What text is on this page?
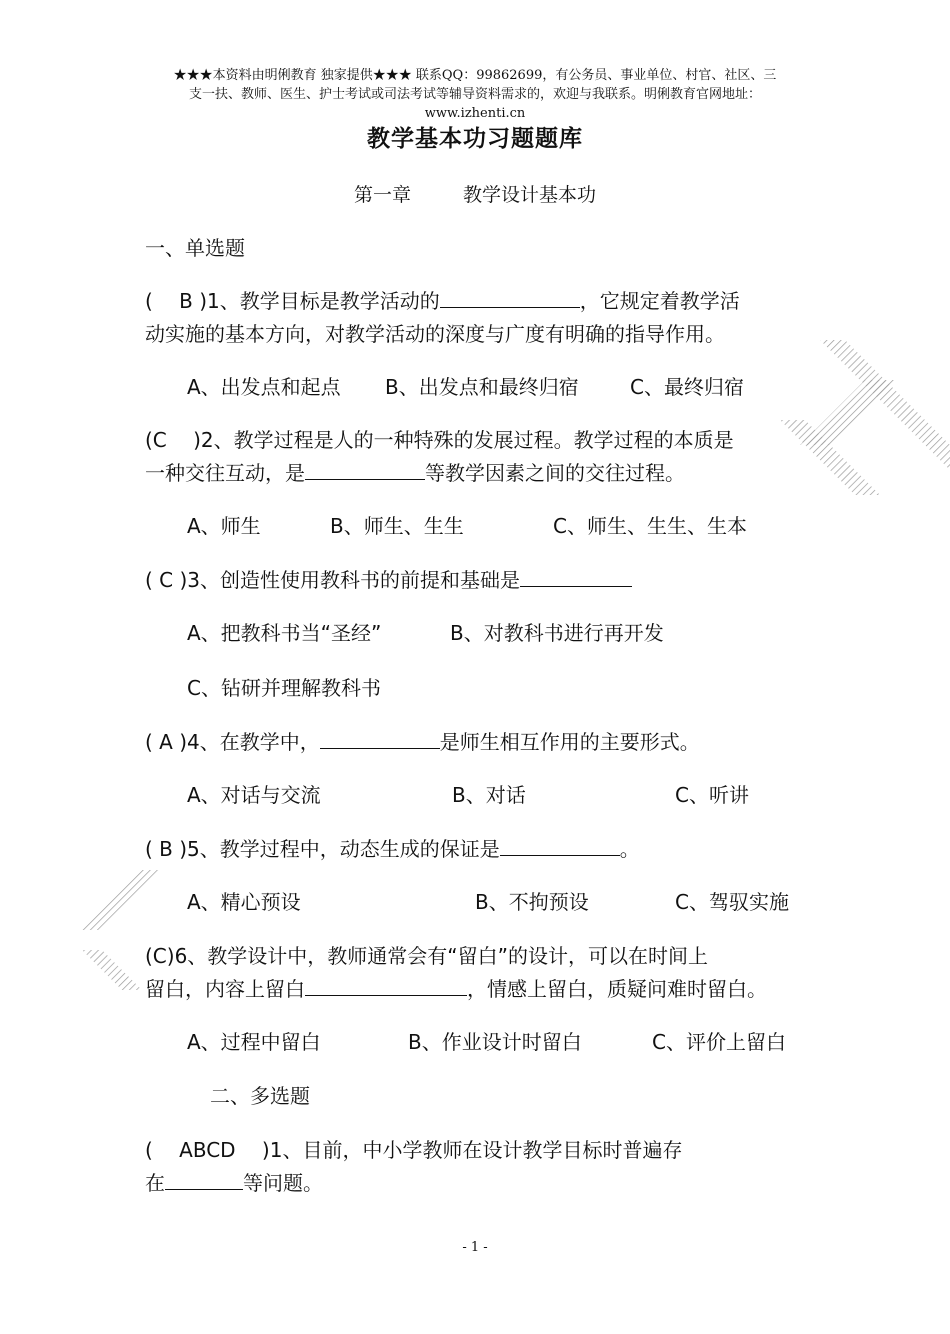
★★★本资料由明俐教育 独家提供★★★ 联系QQ：99862699，有公务员、事业单位、村官、社区、三
支一扶、教师、医生、护士考试或司法考试等辅导资料需求的，欢迎与我联系。明俐教育官网地址：
www.izhenti.cn
教学基本功习题题库
第一章	教学设计基本功
一、单选题
(　 B )1、教学目标是教学活动的	，它规定着教学活
动实施的基本方向，对教学活动的深度与广度有明确的指导作用。
A、出发点和起点 B、出发点和最终归宿	C、最终归宿
(C　 )2、教学过程是人的一种特殊的发展过程。教学过程的本质是
一种交往互动，是	等教学因素之间的交往过程。
A、师生	B、师生、生生	C、师生、生生、生本
( C )3、创造性使用教科书的前提和基础是
A、把教科书当“圣经”	B、对教科书进行再开发
C、钻研并理解教科书
( A )4、在教学中，	是师生相互作用的主要形式。
A、对话与交流	B、对话	C、听讲
( B )5、教学过程中，动态生成的保证是	。
A、精心预设	B、不拘预设	C、驾驭实施
(C)6、教学设计中，教师通常会有“留白”的设计，可以在时间上
留白，内容上留白	，情感上留白，质疑问难时留白。
A、过程中留白	B、作业设计时留白	C、评价上留白
二、多选题
(　 ABCD　 )1、目前，中小学教师在设计教学目标时普遍存
在	等问题。
- 1 -
